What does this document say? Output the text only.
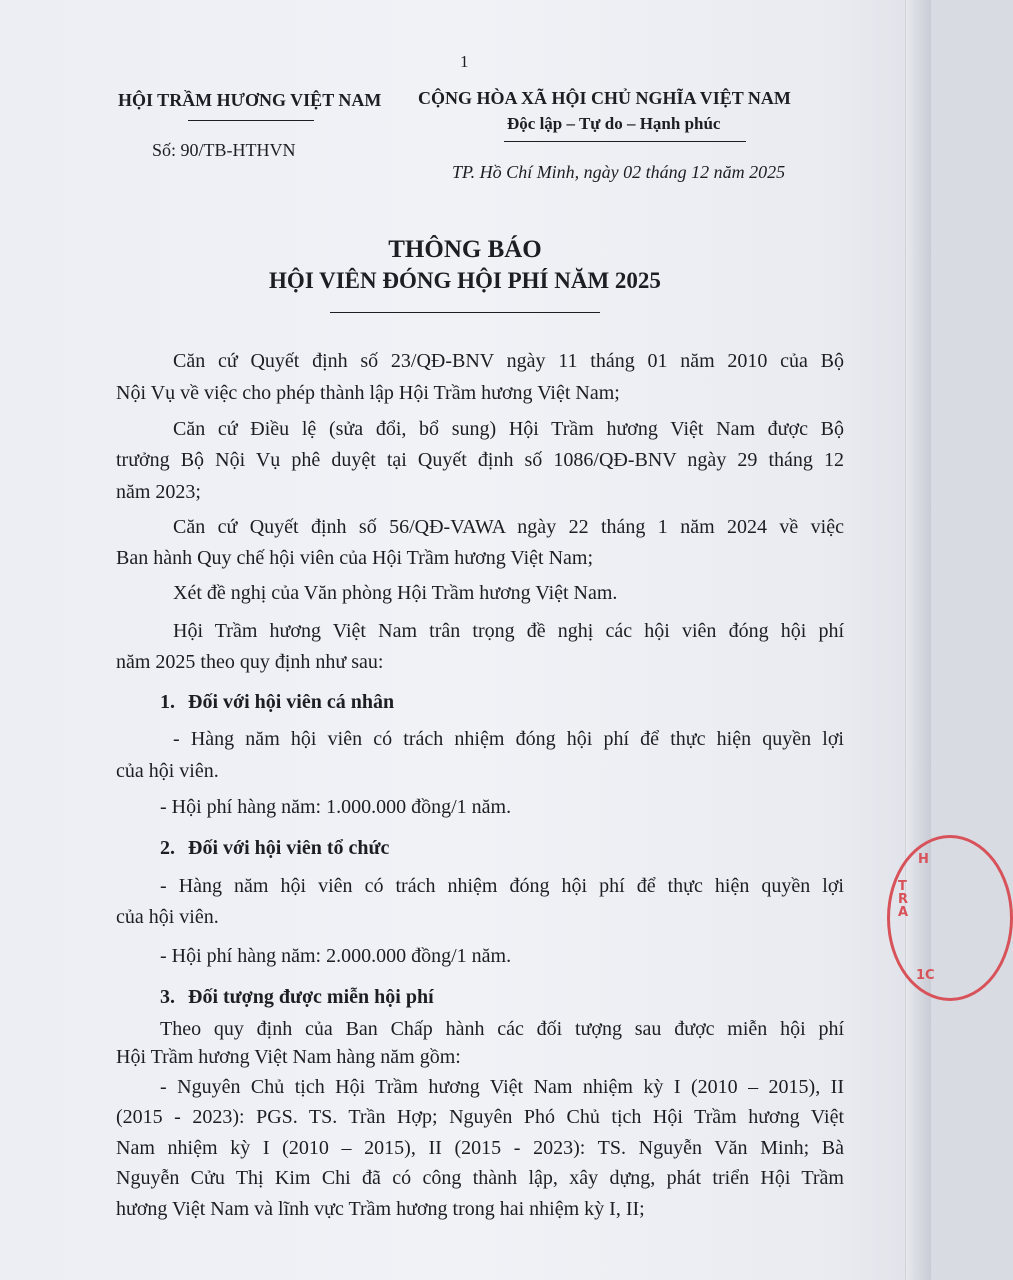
1
HỘI TRẦM HƯƠNG VIỆT NAM
Số: 90/TB-HTHVN
CỘNG HÒA XÃ HỘI CHỦ NGHĨA VIỆT NAM
Độc lập – Tự do – Hạnh phúc
TP. Hồ Chí Minh, ngày 02 tháng 12 năm 2025
THÔNG BÁO
HỘI VIÊN ĐÓNG HỘI PHÍ NĂM 2025
Căn cứ Quyết định số 23/QĐ-BNV ngày 11 tháng 01 năm 2010 của Bộ
Nội Vụ về việc cho phép thành lập Hội Trầm hương Việt Nam;
Căn cứ Điều lệ (sửa đổi, bổ sung) Hội Trầm hương Việt Nam được Bộ
trưởng Bộ Nội Vụ phê duyệt tại Quyết định số 1086/QĐ-BNV ngày 29 tháng 12
năm 2023;
Căn cứ Quyết định số 56/QĐ-VAWA ngày 22 tháng 1 năm 2024 về việc
Ban hành Quy chế hội viên của Hội Trầm hương Việt Nam;
Xét đề nghị của Văn phòng Hội Trầm hương Việt Nam.
Hội Trầm hương Việt Nam trân trọng đề nghị các hội viên đóng hội phí
năm 2025 theo quy định như sau:
1. Đối với hội viên cá nhân
- Hàng năm hội viên có trách nhiệm đóng hội phí để thực hiện quyền lợi
của hội viên.
- Hội phí hàng năm: 1.000.000 đồng/1 năm.
2. Đối với hội viên tổ chức
- Hàng năm hội viên có trách nhiệm đóng hội phí để thực hiện quyền lợi
của hội viên.
- Hội phí hàng năm: 2.000.000 đồng/1 năm.
3. Đối tượng được miễn hội phí
Theo quy định của Ban Chấp hành các đối tượng sau được miễn hội phí
Hội Trầm hương Việt Nam hàng năm gồm:
- Nguyên Chủ tịch Hội Trầm hương Việt Nam nhiệm kỳ I (2010 – 2015), II
(2015 - 2023): PGS. TS. Trần Hợp; Nguyên Phó Chủ tịch Hội Trầm hương Việt
Nam nhiệm kỳ I (2010 – 2015), II (2015 - 2023): TS. Nguyễn Văn Minh; Bà
Nguyễn Cửu Thị Kim Chi đã có công thành lập, xây dựng, phát triển Hội Trầm
hương Việt Nam và lĩnh vực Trầm hương trong hai nhiệm kỳ I, II;
TRA
H
1C
